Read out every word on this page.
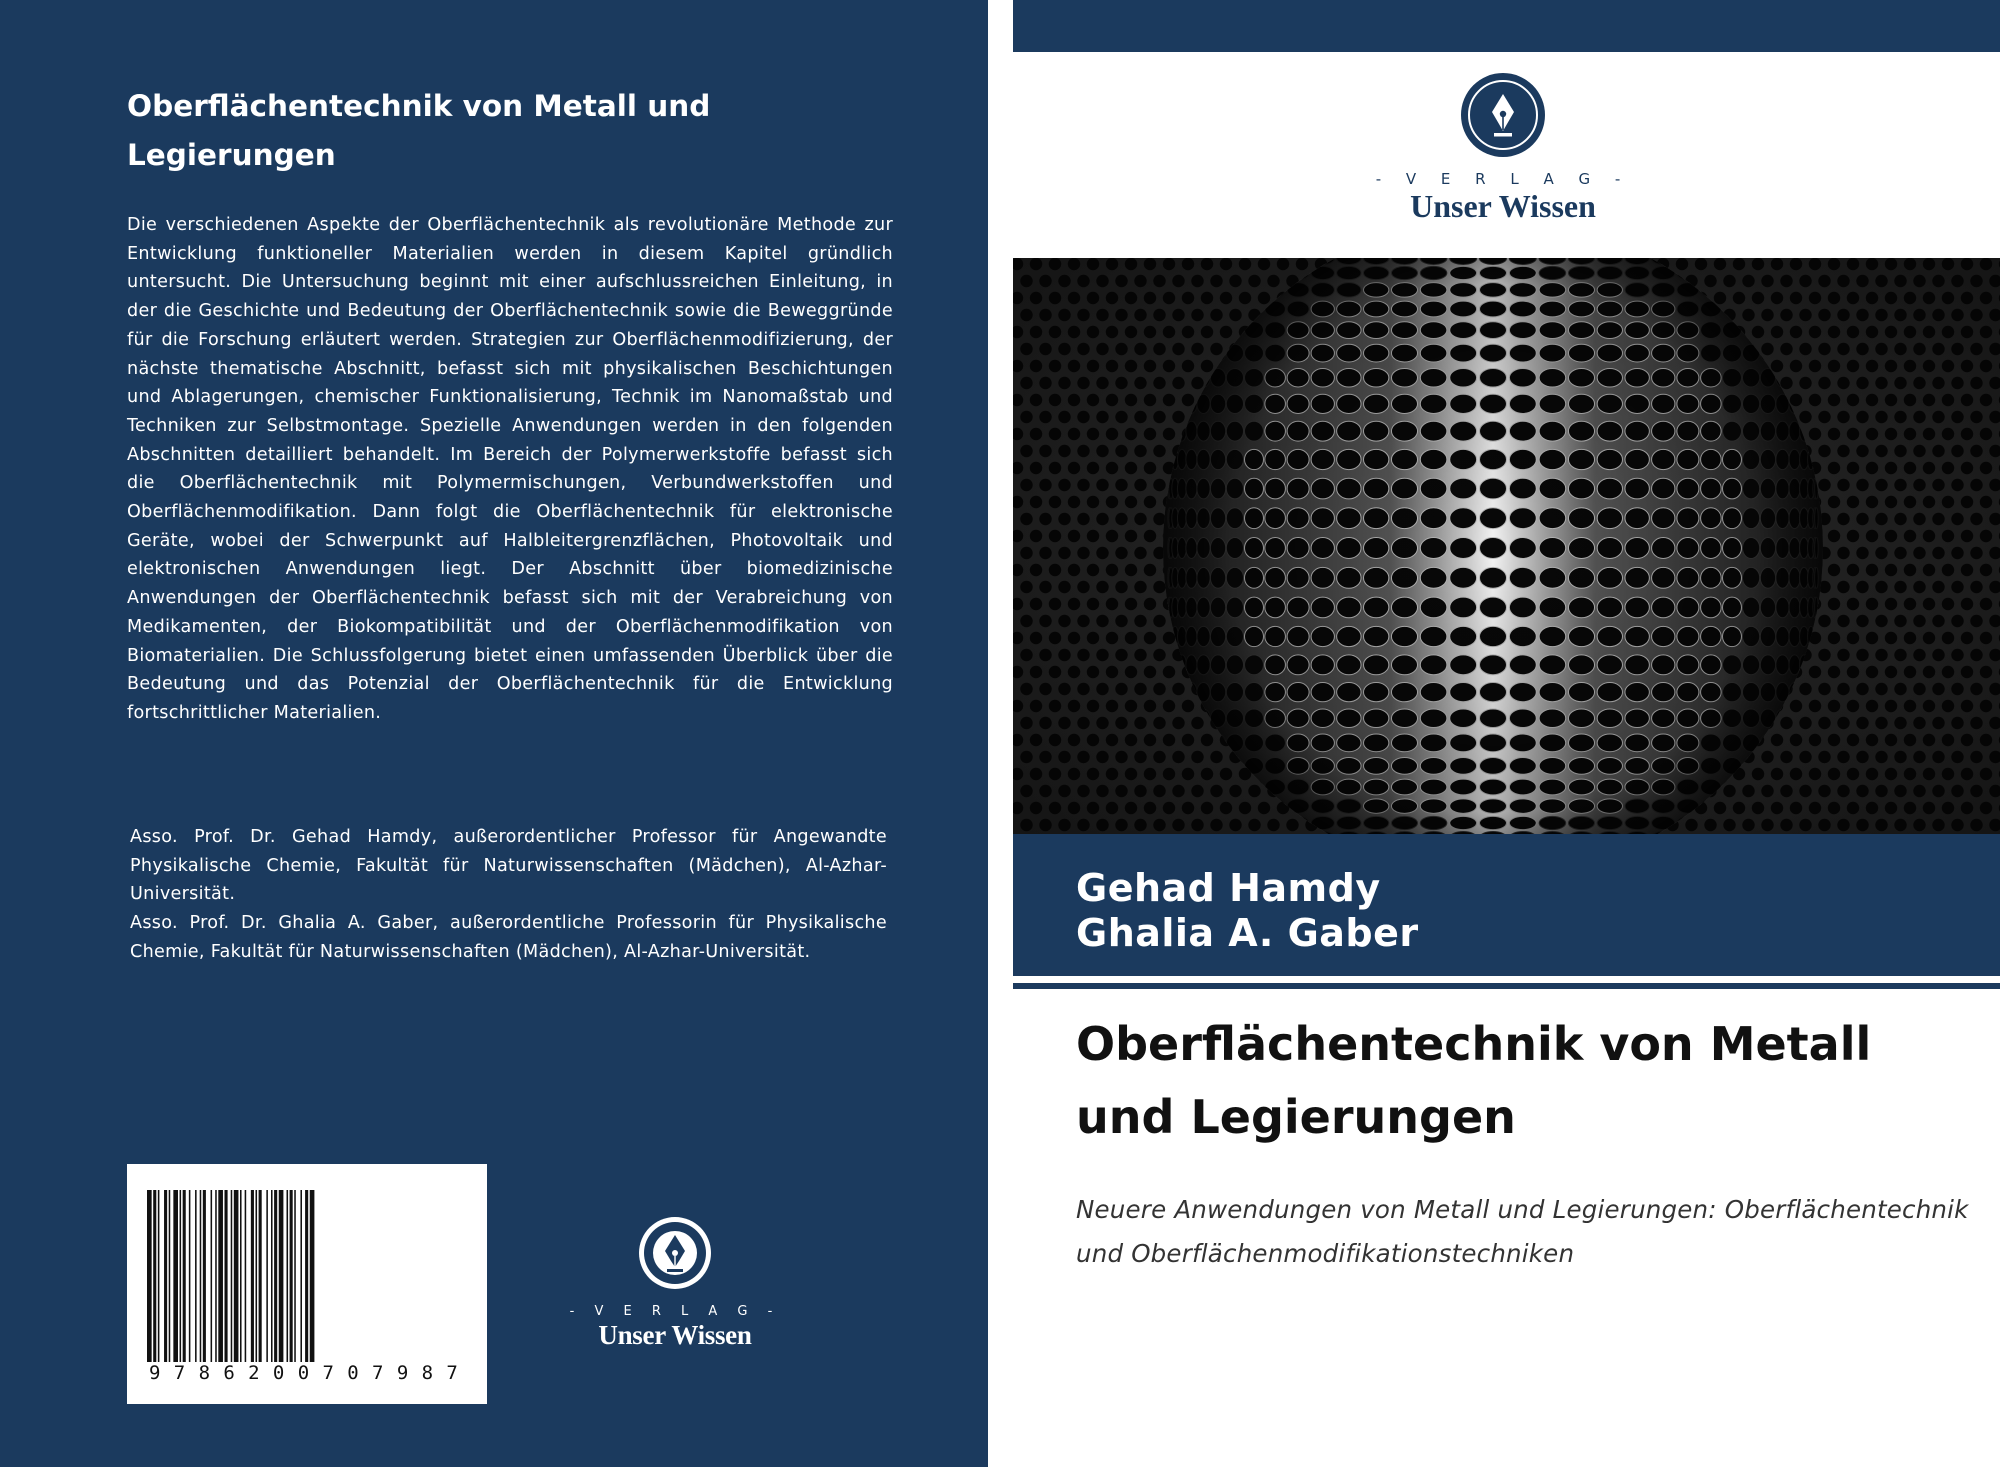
Oberflächentechnik von Metall und Legierungen
Die verschiedenen Aspekte der Oberflächentechnik als revolutionäre Methode zur Entwicklung funktioneller Materialien werden in diesem Kapitel gründlich untersucht. Die Untersuchung beginnt mit einer aufschlussreichen Einleitung, in der die Geschichte und Bedeutung der Oberflächentechnik sowie die Beweggründe für die Forschung erläutert werden. Strategien zur Oberflächenmodifizierung, der nächste thematische Abschnitt, befasst sich mit physikalischen Beschichtungen und Ablagerungen, chemischer Funktionalisierung, Technik im Nanomaßstab und Techniken zur Selbstmontage. Spezielle Anwendungen werden in den folgenden Abschnitten detailliert behandelt. Im Bereich der Polymerwerkstoffe befasst sich die Oberflächentechnik mit Polymermischungen, Verbundwerkstoffen und Oberflächenmodifikation. Dann folgt die Oberflächentechnik für elektronische Geräte, wobei der Schwerpunkt auf Halbleitergrenzflächen, Photovoltaik und elektronischen Anwendungen liegt. Der Abschnitt über biomedizinische Anwendungen der Oberflächentechnik befasst sich mit der Verabreichung von Medikamenten, der Biokompatibilität und der Oberflächenmodifikation von Biomaterialien. Die Schlussfolgerung bietet einen umfassenden Überblick über die Bedeutung und das Potenzial der Oberflächentechnik für die Entwicklung fortschrittlicher Materialien.

Asso. Prof. Dr. Gehad Hamdy, außerordentlicher Professor für Angewandte Physikalische Chemie, Fakultät für Naturwissenschaften (Mädchen), Al-Azhar-Universität.

Asso. Prof. Dr. Ghalia A. Gaber, außerordentliche Professorin für Physikalische Chemie, Fakultät für Naturwissenschaften (Mädchen), Al-Azhar-Universität.

9 7 8 6 2 0 0 7 0 7 9 8 7
- V E R L A G -
Unser Wissen
- V E R L A G -
Unser Wissen
Gehad Hamdy
Ghalia A. Gaber
Oberflächentechnik von Metall und Legierungen
Neuere Anwendungen von Metall und Legierungen: Oberflächentechnik und Oberflächenmodifikationstechniken
